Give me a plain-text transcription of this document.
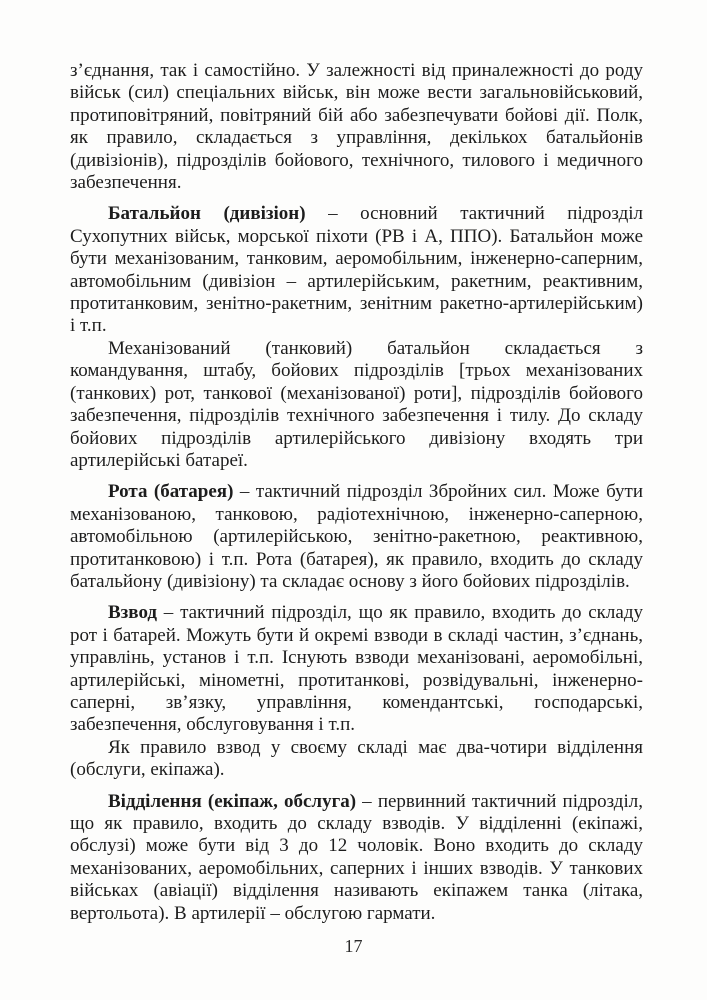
з’єднання, так і самостійно. У залежності від приналежності до роду військ (сил) спеціальних військ, він може вести загальновійськовий, протиповітряний, повітряний бій або забезпечувати бойові дії. Полк, як правило, складається з управління, декількох батальйонів (дивізіонів), підрозділів бойового, технічного, тилового і медичного забезпечення.

Батальйон (дивізіон) – основний тактичний підрозділ Сухопутних військ, морської піхоти (РВ і А, ППО). Батальйон може бути механізованим, танковим, аеромобільним, інженерно-саперним, автомобільним (дивізіон – артилерійським, ракетним, реактивним, протитанковим, зенітно-ракетним, зенітним ракетно-артилерійським) і т.п.

Механізований (танковий) батальйон складається з командування, штабу, бойових підрозділів [трьох механізованих (танкових) рот, танкової (механізованої) роти], підрозділів бойового забезпечення, підрозділів технічного забезпечення і тилу. До складу бойових підрозділів артилерійського дивізіону входять три артилерійські батареї.

Рота (батарея) – тактичний підрозділ Збройних сил. Може бути механізованою, танковою, радіотехнічною, інженерно-саперною, автомобільною (артилерійською, зенітно-ракетною, реактивною, протитанковою) і т.п. Рота (батарея), як правило, входить до складу батальйону (дивізіону) та складає основу з його бойових підрозділів.

Взвод – тактичний підрозділ, що як правило, входить до складу рот і батарей. Можуть бути й окремі взводи в складі частин, з’єднань, управлінь, установ і т.п. Існують взводи механізовані, аеромобільні, артилерійські, мінометні, протитанкові, розвідувальні, інженерно-саперні, зв’язку, управління, комендантські, господарські, забезпечення, обслуговування і т.п.

Як правило взвод у своєму складі має два-чотири відділення (обслуги, екіпажа).

Відділення (екіпаж, обслуга) – первинний тактичний підрозділ, що як правило, входить до складу взводів. У відділенні (екіпажі, обслузі) може бути від 3 до 12 чоловік. Воно входить до складу механізованих, аеромобільних, саперних і інших взводів. У танкових військах (авіації) відділення називають екіпажем танка (літака, вертольота). В артилерії – обслугою гармати.

17
